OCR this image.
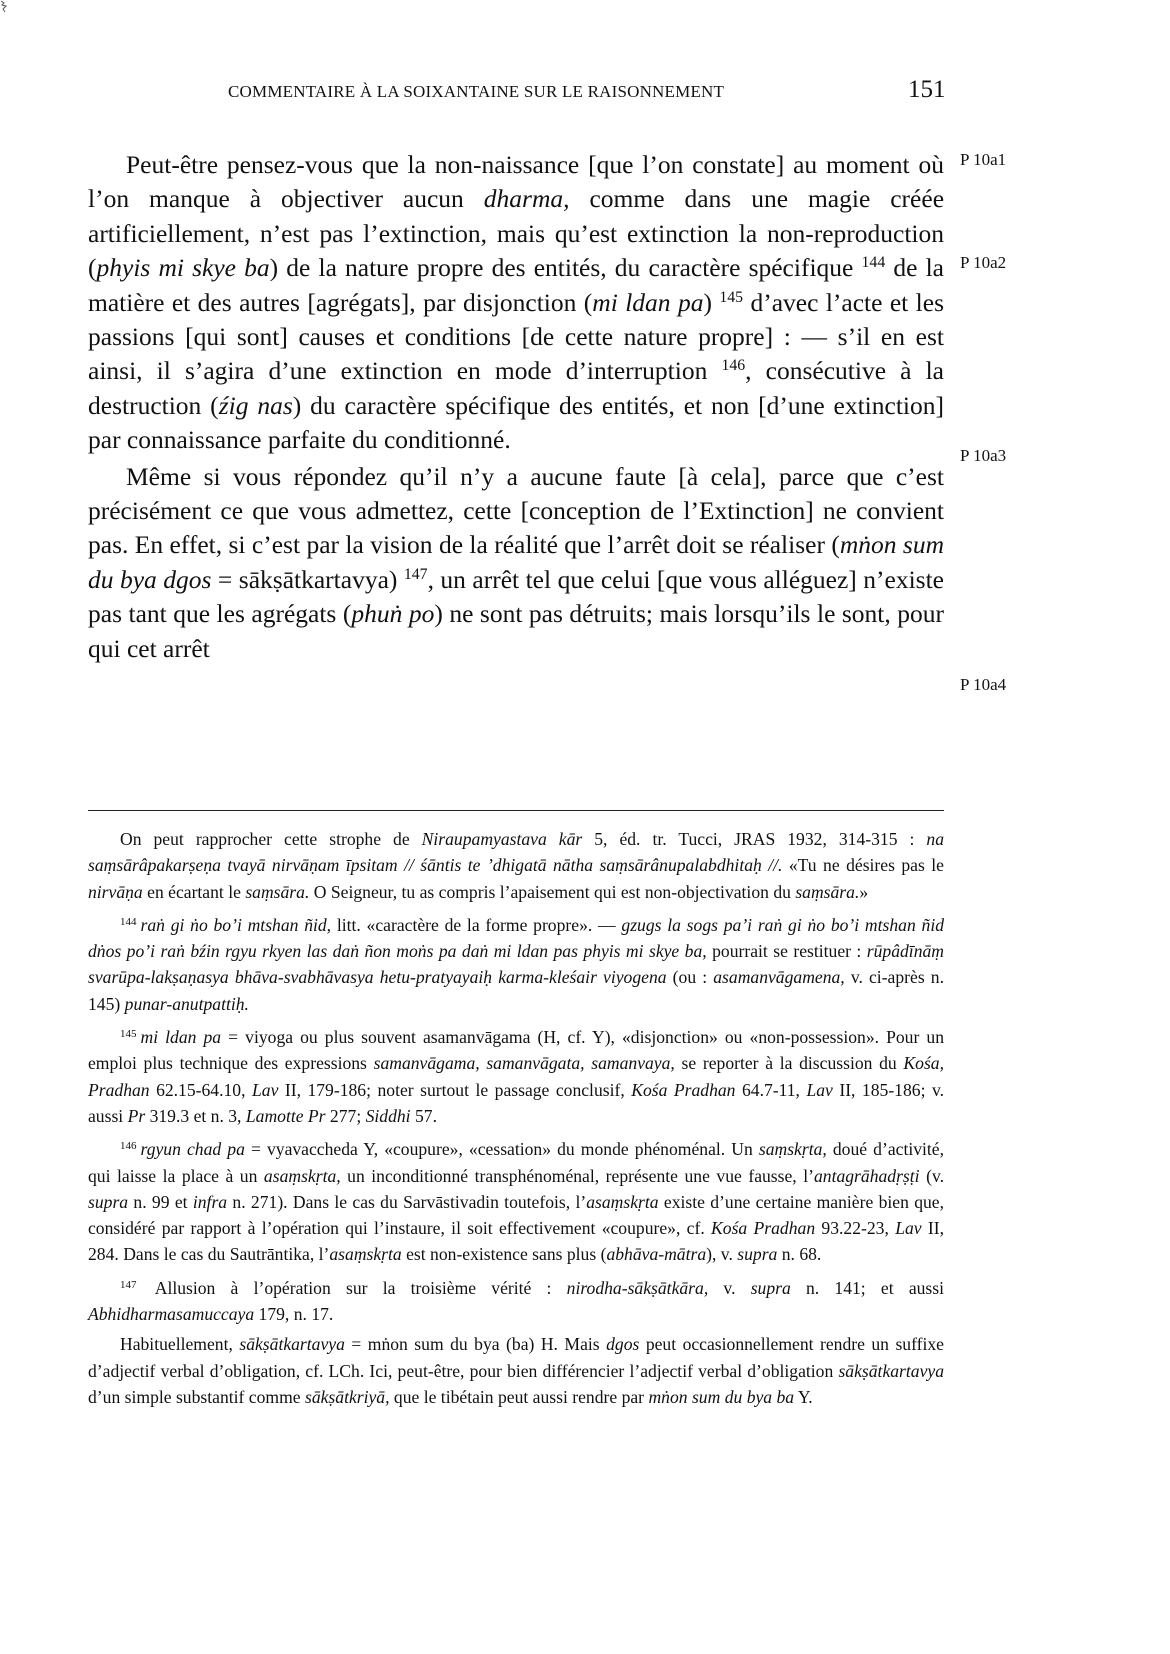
COMMENTAIRE À LA SOIXANTAINE SUR LE RAISONNEMENT	151

Peut-être pensez-vous que la non-naissance [que l’on constate] au moment où l’on manque à objectiver aucun dharma, comme dans une magie créée artificiellement, n’est pas l’extinction, mais qu’est extinction la non-reproduction (phyis mi skye ba) de la nature propre des entités, du caractère spécifique $^{144}$ de la matière et des autres [agrégats], par disjonction (mi ldan pa) $^{145}$ d’avec l’acte et les passions [qui sont] causes et conditions [de cette nature propre] : — s’il en est ainsi, il s’agira d’une extinction en mode d’interruption $^{146}$, consécutive à la destruction (źig nas) du caractère spécifique des entités, et non [d’une extinction] par connaissance parfaite du conditionné.

Même si vous répondez qu’il n’y a aucune faute [à cela], parce que c’est précisément ce que vous admettez, cette [conception de l’Extinction] ne convient pas. En effet, si c’est par la vision de la réalité que l’arrêt doit se réaliser (mṅon sum du bya dgos = sākṣātkartavya) $^{147}$, un arrêt tel que celui [que vous alléguez] n’existe pas tant que les agrégats (phuṅ po) ne sont pas détruits; mais lorsqu’ils le sont, pour qui cet arrêt

P 10a1
P 10a2
P 10a3
P 10a4

On peut rapprocher cette strophe de Niraupamyastava kār 5, éd. tr. Tucci, JRAS 1932, 314-315 : na saṃsārâpakarṣeṇa tvayā nirvāṇam īpsitam // śāntis te ’dhigatā nātha saṃsārânupalabdhitaḥ //. «Tu ne désires pas le nirvāṇa en écartant le saṃsāra. O Seigneur, tu as compris l’apaisement qui est non-objectivation du saṃsāra.»

$^{144}$ raṅ gi ṅo bo’i mtshan ñid, litt. «caractère de la forme propre». — gzugs la sogs pa’i raṅ gi ṅo bo’i mtshan ñid dṅos po’i raṅ bźin rgyu rkyen las daṅ ñon moṅs pa daṅ mi ldan pas phyis mi skye ba, pourrait se restituer : rūpâdīnāṃ svarūpa-lakṣaṇasya bhāva-svabhāvasya hetu-pratyayaiḥ karma-kleśair viyogena (ou : asamanvāgamena, v. ci-après n. 145) punar-anutpattiḥ.

$^{145}$ mi ldan pa = viyoga ou plus souvent asamanvāgama (H, cf. Y), «disjonction» ou «non-possession». Pour un emploi plus technique des expressions samanvāgama, samanvāgata, samanvaya, se reporter à la discussion du Kośa, Pradhan 62.15-64.10, Lav II, 179-186; noter surtout le passage conclusif, Kośa Pradhan 64.7-11, Lav II, 185-186; v. aussi Pr 319.3 et n. 3, Lamotte Pr 277; Siddhi 57.

$^{146}$ rgyun chad pa = vyavaccheda Y, «coupure», «cessation» du monde phénoménal. Un saṃskṛta, doué d’activité, qui laisse la place à un asaṃskṛta, un inconditionné transphénoménal, représente une vue fausse, l’antagrāhadṛṣṭi (v. supra n. 99 et infra n. 271). Dans le cas du Sarvāstivadin toutefois, l’asaṃskṛta existe d’une certaine manière bien que, considéré par rapport à l’opération qui l’instaure, il soit effectivement «coupure», cf. Kośa Pradhan 93.22-23, Lav II, 284. Dans le cas du Sautrāntika, l’asaṃskṛta est non-existence sans plus (abhāva-mātra), v. supra n. 68.

$^{147}$ Allusion à l’opération sur la troisième vérité : nirodha-sākṣātkāra, v. supra n. 141; et aussi Abhidharmasamuccaya 179, n. 17.

Habituellement, sākṣātkartavya = mṅon sum du bya (ba) H. Mais dgos peut occasionnellement rendre un suffixe d’adjectif verbal d’obligation, cf. LCh. Ici, peut-être, pour bien différencier l’adjectif verbal d’obligation sākṣātkartavya d’un simple substantif comme sākṣātkriyā, que le tibétain peut aussi rendre par mṅon sum du bya ba Y.
